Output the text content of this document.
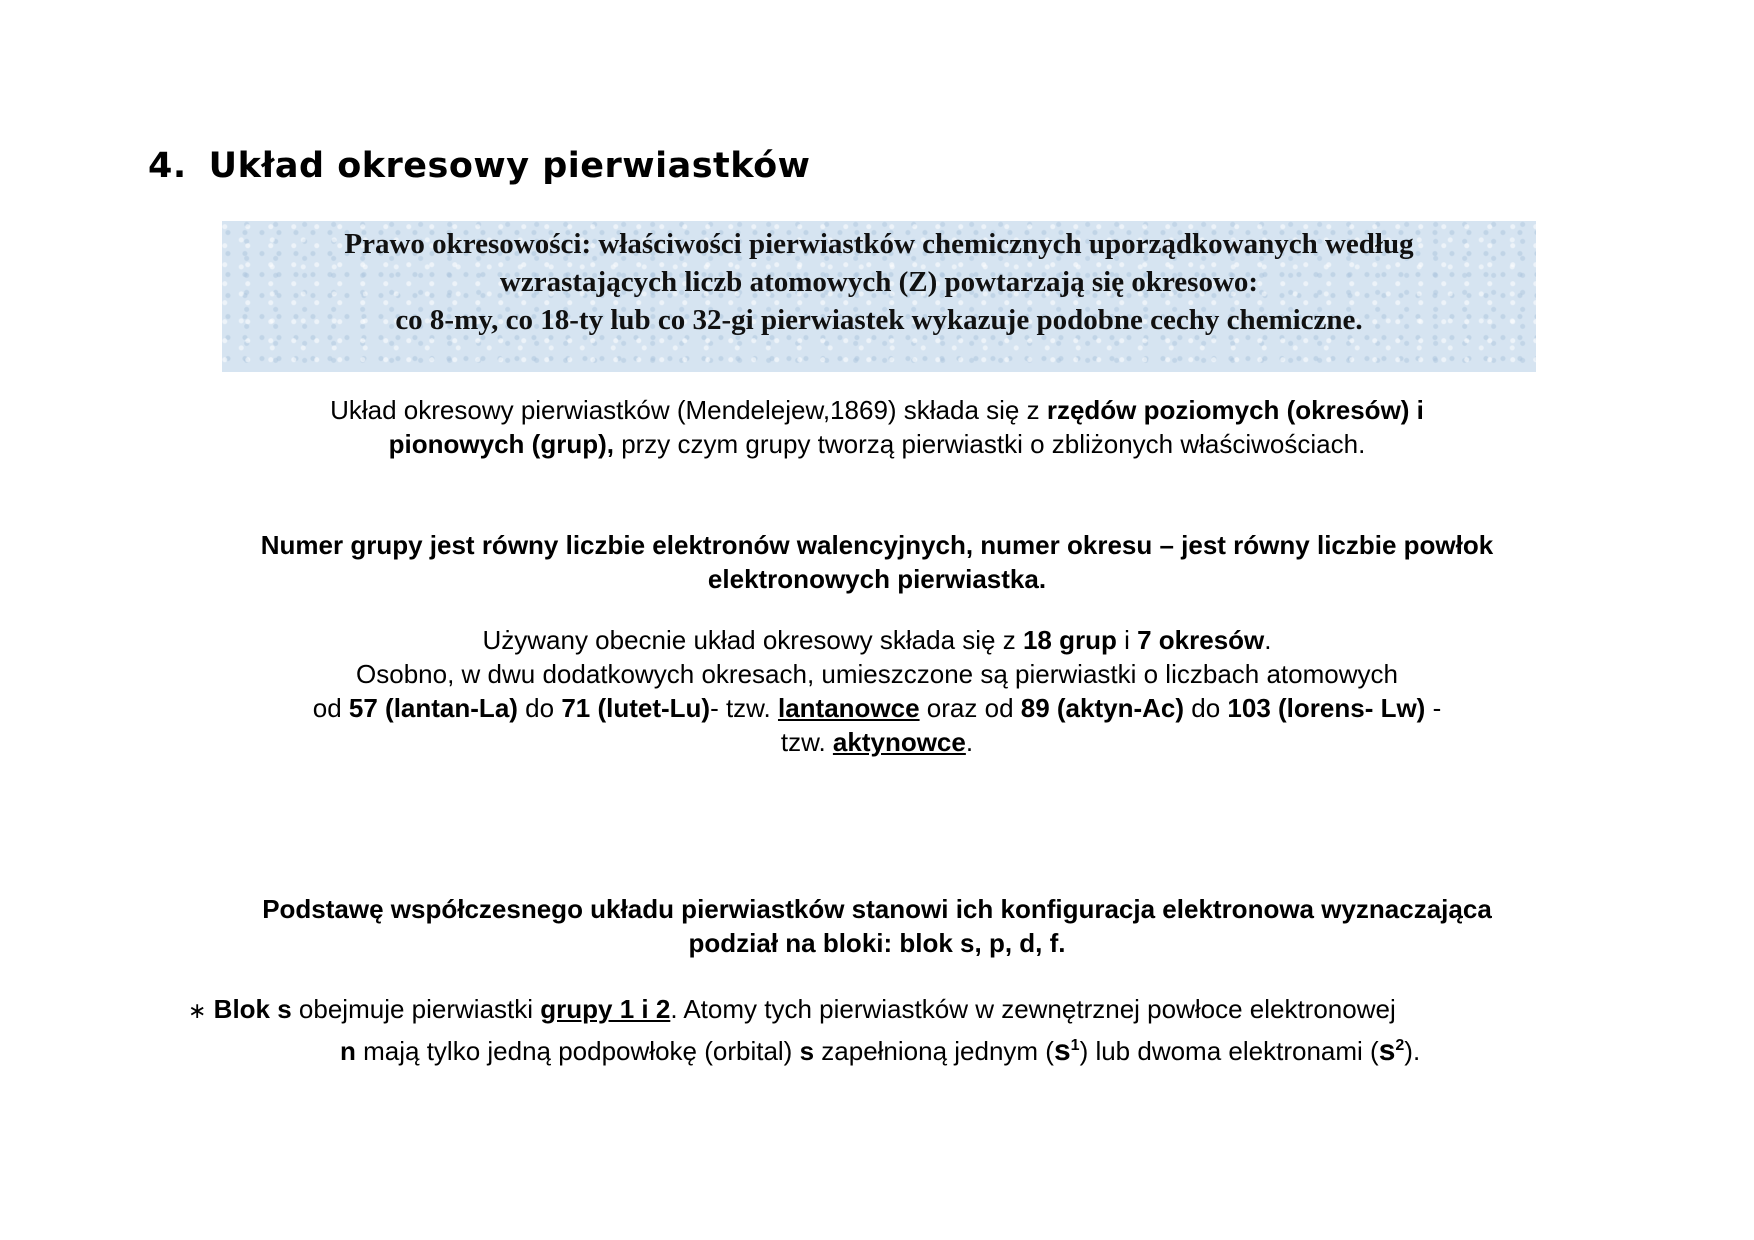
4. Układ okresowy pierwiastków
Prawo okresowości: właściwości pierwiastków chemicznych uporządkowanych według
wzrastających liczb atomowych (Z) powtarzają się okresowo:
co 8-my, co 18-ty lub co 32-gi pierwiastek wykazuje podobne cechy chemiczne.
Układ okresowy pierwiastków (Mendelejew,1869) składa się z rzędów poziomych (okresów) i
pionowych (grup), przy czym grupy tworzą pierwiastki o zbliżonych właściwościach.
Numer grupy jest równy liczbie elektronów walencyjnych, numer okresu – jest równy liczbie powłok
elektronowych pierwiastka.
Używany obecnie układ okresowy składa się z 18 grup i 7 okresów.
Osobno, w dwu dodatkowych okresach, umieszczone są pierwiastki o liczbach atomowych
od 57 (lantan-La) do 71 (lutet-Lu)- tzw. lantanowce oraz od 89 (aktyn-Ac) do 103 (lorens- Lw) -
tzw. aktynowce.
Podstawę współczesnego układu pierwiastków stanowi ich konfiguracja elektronowa wyznaczająca
podział na bloki: blok s, p, d, f.
∗ Blok s obejmuje pierwiastki grupy 1 i 2. Atomy tych pierwiastków w zewnętrznej powłoce elektronowej
n mają tylko jedną podpowłokę (orbital) s zapełnioną jednym $(s^1)$ lub dwoma elektronami $(s^2)$.
